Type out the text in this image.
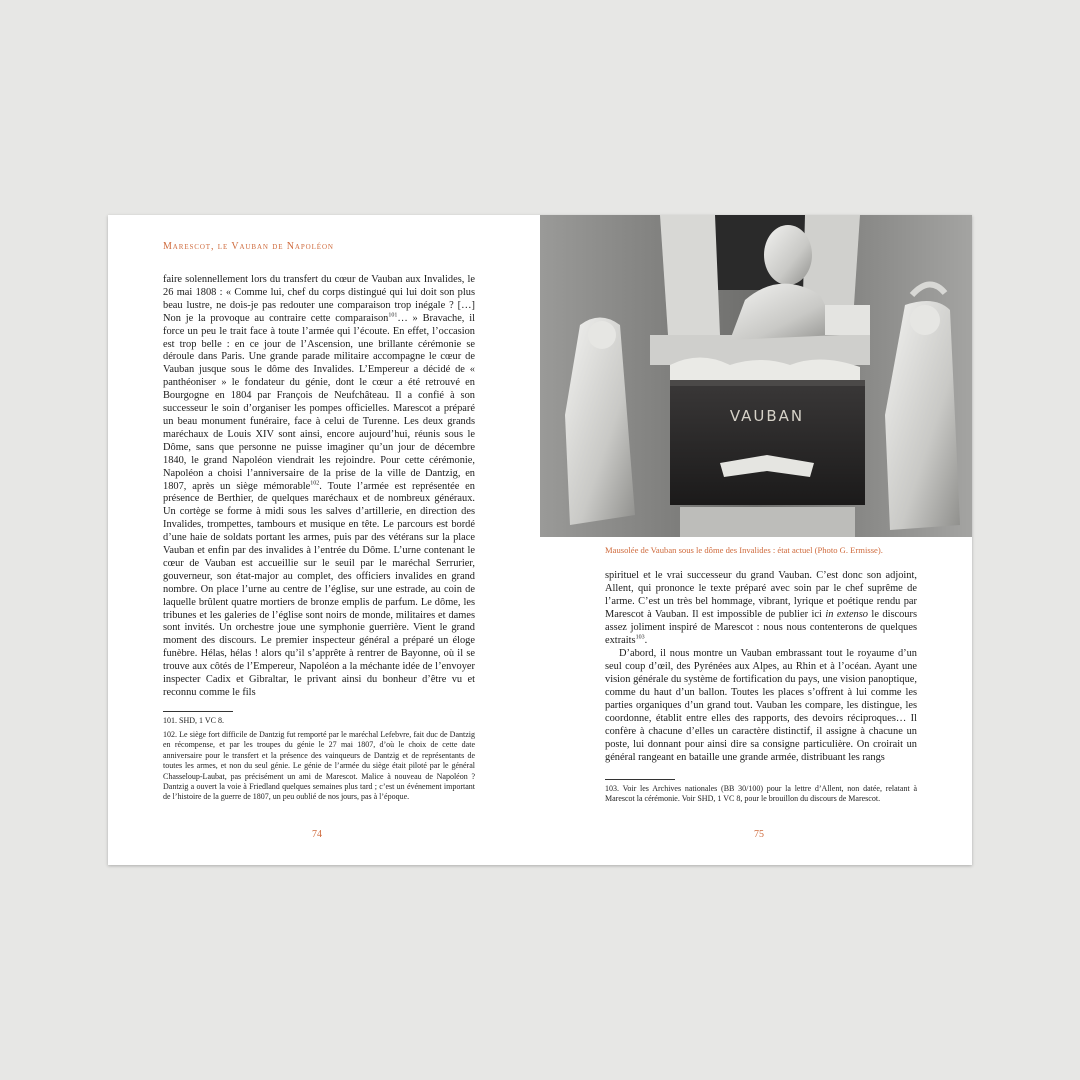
Marescot, le Vauban de Napoléon

faire solennellement lors du transfert du cœur de Vauban aux Invalides, le 26 mai 1808 : « Comme lui, chef du corps distingué qui lui doit son plus beau lustre, ne dois-je pas redouter une comparaison trop inégale ? […] Non je la provoque au contraire cette comparaison$^{101}$… » Bravache, il force un peu le trait face à toute l’armée qui l’écoute. En effet, l’occasion est trop belle : en ce jour de l’Ascension, une brillante cérémonie se déroule dans Paris. Une grande parade militaire accompagne le cœur de Vauban jusque sous le dôme des Invalides. L’Empereur a décidé de « panthéoniser » le fondateur du génie, dont le cœur a été retrouvé en Bourgogne en 1804 par François de Neufchâteau. Il a confié à son successeur le soin d’organiser les pompes officielles. Marescot a préparé un beau monument funéraire, face à celui de Turenne. Les deux grands maréchaux de Louis XIV sont ainsi, encore aujourd’hui, réunis sous le Dôme, sans que personne ne puisse imaginer qu’un jour de décembre 1840, le grand Napoléon viendrait les rejoindre. Pour cette cérémonie, Napoléon a choisi l’anniversaire de la prise de la ville de Dantzig, en 1807, après un siège mémorable$^{102}$. Toute l’armée est représentée en présence de Berthier, de quelques maréchaux et de nombreux généraux. Un cortège se forme à midi sous les salves d’artillerie, en direction des Invalides, trompettes, tambours et musique en tête. Le parcours est bordé d’une haie de soldats portant les armes, puis par des vétérans sur la place Vauban et enfin par des invalides à l’entrée du Dôme. L’urne contenant le cœur de Vauban est accueillie sur le seuil par le maréchal Serrurier, gouverneur, son état-major au complet, des officiers invalides en grand nombre. On place l’urne au centre de l’église, sur une estrade, au coin de laquelle brûlent quatre mortiers de bronze emplis de parfum. Le dôme, les tribunes et les galeries de l’église sont noirs de monde, militaires et dames sont invités. Un orchestre joue une symphonie guerrière. Vient le grand moment des discours. Le premier inspecteur général a préparé un éloge funèbre. Hélas, hélas ! alors qu’il s’apprête à rentrer de Bayonne, où il se trouve aux côtés de l’Empereur, Napoléon a la méchante idée de l’envoyer inspecter Cadix et Gibraltar, le privant ainsi du bonheur d’être vu et reconnu comme le fils

101. SHD, 1 VC 8.

102. Le siège fort difficile de Dantzig fut remporté par le maréchal Lefebvre, fait duc de Dantzig en récompense, et par les troupes du génie le 27 mai 1807, d’où le choix de cette date anniversaire pour le transfert et la présence des vainqueurs de Dantzig et de représentants de toutes les armes, et non du seul génie. Le génie de l’armée du siège était piloté par le général Chasseloup-Laubat, pas précisément un ami de Marescot. Malice à nouveau de Napoléon ? Dantzig a ouvert la voie à Friedland quelques semaines plus tard ; c’est un événement important de l’histoire de la guerre de 1807, un peu oublié de nos jours, pas à l’époque.

74
VAUBAN
Mausolée de Vauban sous le dôme des Invalides : état actuel (Photo G. Ermisse).

spirituel et le vrai successeur du grand Vauban. C’est donc son adjoint, Allent, qui prononce le texte préparé avec soin par le chef suprême de l’arme. C’est un très bel hommage, vibrant, lyrique et poétique rendu par Marescot à Vauban. Il est impossible de publier ici in extenso le discours assez joliment inspiré de Marescot : nous nous contenterons de quelques extraits$^{103}$.

D’abord, il nous montre un Vauban embrassant tout le royaume d’un seul coup d’œil, des Pyrénées aux Alpes, au Rhin et à l’océan. Ayant une vision générale du système de fortification du pays, une vision panoptique, comme du haut d’un ballon. Toutes les places s’offrent à lui comme les parties organiques d’un grand tout. Vauban les compare, les distingue, les coordonne, établit entre elles des rapports, des devoirs réciproques… Il confère à chacune d’elles un caractère distinctif, il assigne à chacune un poste, lui donnant pour ainsi dire sa consigne particulière. On croirait un général rangeant en bataille une grande armée, distribuant les rangs

103. Voir les Archives nationales (BB 30/100) pour la lettre d’Allent, non datée, relatant à Marescot la cérémonie. Voir SHD, 1 VC 8, pour le brouillon du discours de Marescot.

75
